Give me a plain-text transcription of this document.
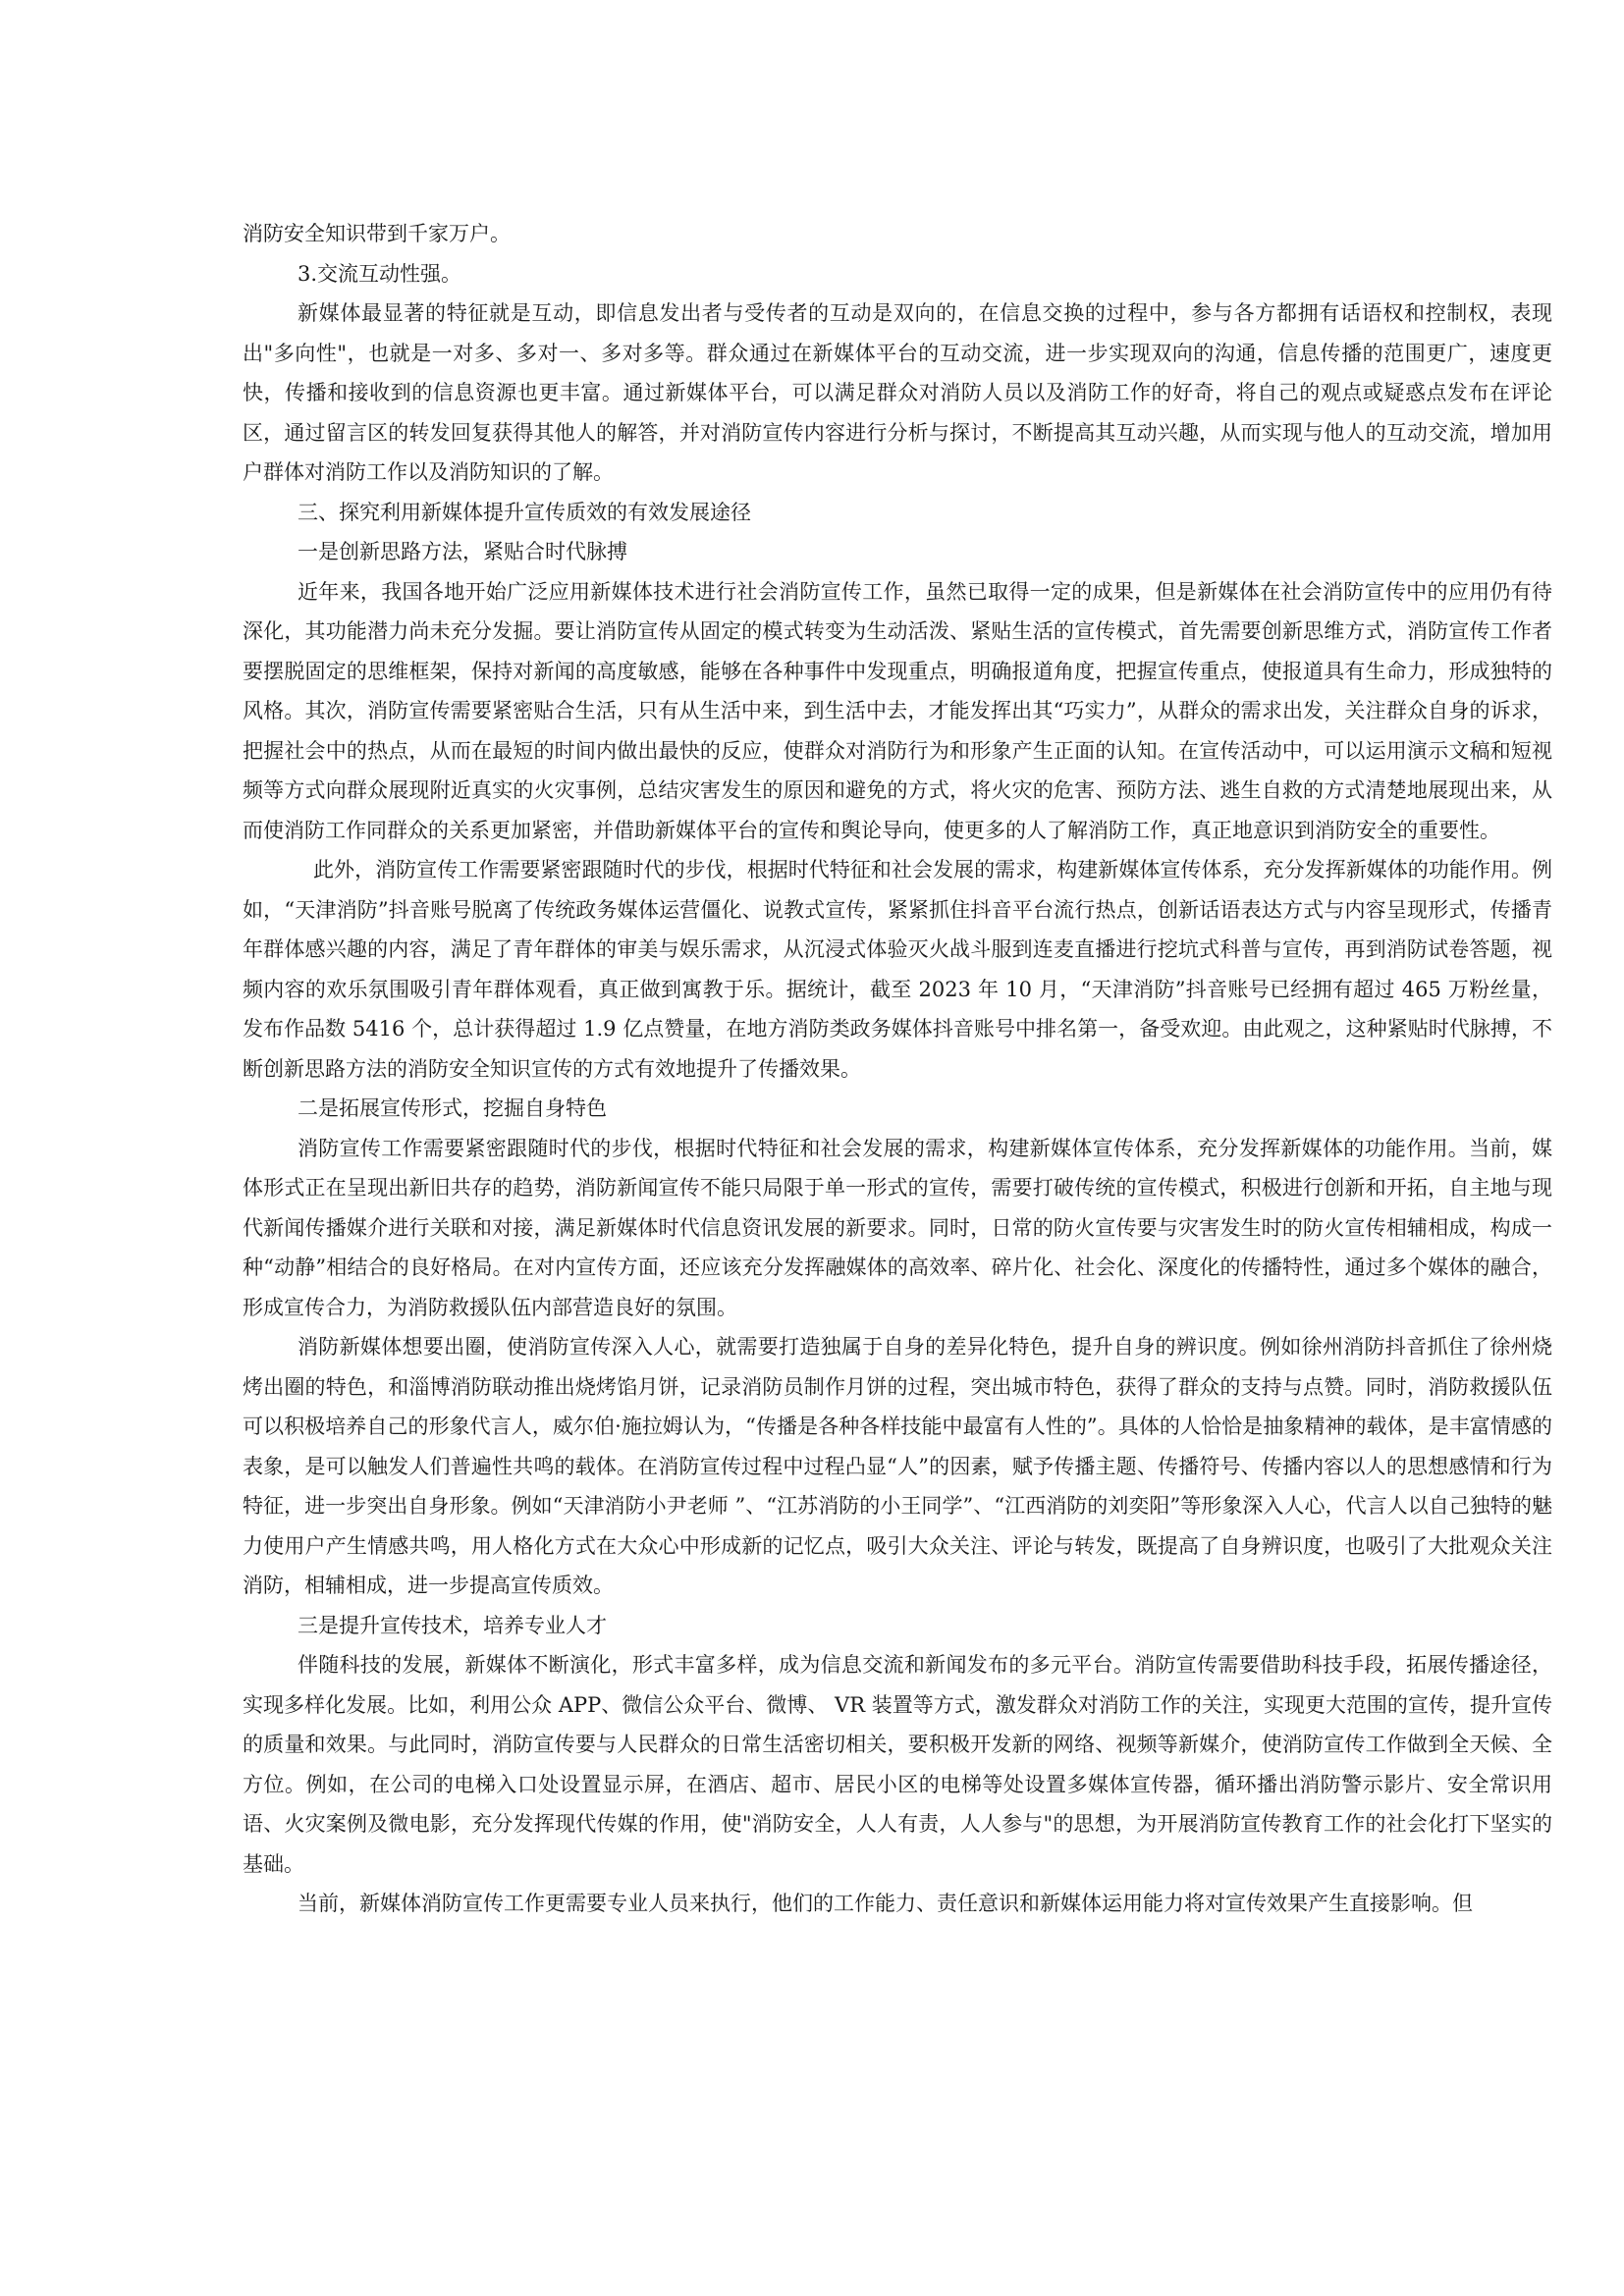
消防安全知识带到千家万户。

3.交流互动性强。

新媒体最显著的特征就是互动，即信息发出者与受传者的互动是双向的，在信息交换的过程中，参与各方都拥有话语权和控制权，表现出"多向性"，也就是一对多、多对一、多对多等。群众通过在新媒体平台的互动交流，进一步实现双向的沟通，信息传播的范围更广，速度更快，传播和接收到的信息资源也更丰富。通过新媒体平台，可以满足群众对消防人员以及消防工作的好奇，将自己的观点或疑惑点发布在评论区，通过留言区的转发回复获得其他人的解答，并对消防宣传内容进行分析与探讨，不断提高其互动兴趣，从而实现与他人的互动交流，增加用户群体对消防工作以及消防知识的了解。

三、探究利用新媒体提升宣传质效的有效发展途径

一是创新思路方法，紧贴合时代脉搏

近年来，我国各地开始广泛应用新媒体技术进行社会消防宣传工作，虽然已取得一定的成果，但是新媒体在社会消防宣传中的应用仍有待深化，其功能潜力尚未充分发掘。要让消防宣传从固定的模式转变为生动活泼、紧贴生活的宣传模式，首先需要创新思维方式，消防宣传工作者要摆脱固定的思维框架，保持对新闻的高度敏感，能够在各种事件中发现重点，明确报道角度，把握宣传重点，使报道具有生命力，形成独特的风格。其次，消防宣传需要紧密贴合生活，只有从生活中来，到生活中去，才能发挥出其“巧实力”，从群众的需求出发，关注群众自身的诉求，把握社会中的热点，从而在最短的时间内做出最快的反应，使群众对消防行为和形象产生正面的认知。在宣传活动中，可以运用演示文稿和短视频等方式向群众展现附近真实的火灾事例，总结灾害发生的原因和避免的方式，将火灾的危害、预防方法、逃生自救的方式清楚地展现出来，从而使消防工作同群众的关系更加紧密，并借助新媒体平台的宣传和舆论导向，使更多的人了解消防工作，真正地意识到消防安全的重要性。

此外，消防宣传工作需要紧密跟随时代的步伐，根据时代特征和社会发展的需求，构建新媒体宣传体系，充分发挥新媒体的功能作用。例如，“天津消防”抖音账号脱离了传统政务媒体运营僵化、说教式宣传，紧紧抓住抖音平台流行热点，创新话语表达方式与内容呈现形式，传播青年群体感兴趣的内容，满足了青年群体的审美与娱乐需求，从沉浸式体验灭火战斗服到连麦直播进行挖坑式科普与宣传，再到消防试卷答题，视频内容的欢乐氛围吸引青年群体观看，真正做到寓教于乐。据统计，截至 2023 年 10 月，“天津消防”抖音账号已经拥有超过 465 万粉丝量，发布作品数 5416 个，总计获得超过 1.9 亿点赞量，在地方消防类政务媒体抖音账号中排名第一，备受欢迎。由此观之，这种紧贴时代脉搏，不断创新思路方法的消防安全知识宣传的方式有效地提升了传播效果。

二是拓展宣传形式，挖掘自身特色

消防宣传工作需要紧密跟随时代的步伐，根据时代特征和社会发展的需求，构建新媒体宣传体系，充分发挥新媒体的功能作用。当前，媒体形式正在呈现出新旧共存的趋势，消防新闻宣传不能只局限于单一形式的宣传，需要打破传统的宣传模式，积极进行创新和开拓，自主地与现代新闻传播媒介进行关联和对接，满足新媒体时代信息资讯发展的新要求。同时，日常的防火宣传要与灾害发生时的防火宣传相辅相成，构成一种“动静”相结合的良好格局。在对内宣传方面，还应该充分发挥融媒体的高效率、碎片化、社会化、深度化的传播特性，通过多个媒体的融合，形成宣传合力，为消防救援队伍内部营造良好的氛围。

消防新媒体想要出圈，使消防宣传深入人心，就需要打造独属于自身的差异化特色，提升自身的辨识度。例如徐州消防抖音抓住了徐州烧烤出圈的特色，和淄博消防联动推出烧烤馅月饼，记录消防员制作月饼的过程，突出城市特色，获得了群众的支持与点赞。同时，消防救援队伍可以积极培养自己的形象代言人，威尔伯·施拉姆认为，“传播是各种各样技能中最富有人性的”。具体的人恰恰是抽象精神的载体，是丰富情感的表象，是可以触发人们普遍性共鸣的载体。在消防宣传过程中过程凸显“人”的因素，赋予传播主题、传播符号、传播内容以人的思想感情和行为特征，进一步突出自身形象。例如“天津消防小尹老师 ”、“江苏消防的小王同学”、“江西消防的刘奕阳”等形象深入人心，代言人以自己独特的魅力使用户产生情感共鸣，用人格化方式在大众心中形成新的记忆点，吸引大众关注、评论与转发，既提高了自身辨识度，也吸引了大批观众关注消防，相辅相成，进一步提高宣传质效。

三是提升宣传技术，培养专业人才

伴随科技的发展，新媒体不断演化，形式丰富多样，成为信息交流和新闻发布的多元平台。消防宣传需要借助科技手段，拓展传播途径，实现多样化发展。比如，利用公众 APP、微信公众平台、微博、 VR 装置等方式，激发群众对消防工作的关注，实现更大范围的宣传，提升宣传的质量和效果。与此同时，消防宣传要与人民群众的日常生活密切相关，要积极开发新的网络、视频等新媒介，使消防宣传工作做到全天候、全方位。例如，在公司的电梯入口处设置显示屏，在酒店、超市、居民小区的电梯等处设置多媒体宣传器，循环播出消防警示影片、安全常识用语、火灾案例及微电影，充分发挥现代传媒的作用，使"消防安全，人人有责，人人参与"的思想，为开展消防宣传教育工作的社会化打下坚实的基础。

当前，新媒体消防宣传工作更需要专业人员来执行，他们的工作能力、责任意识和新媒体运用能力将对宣传效果产生直接影响。但
